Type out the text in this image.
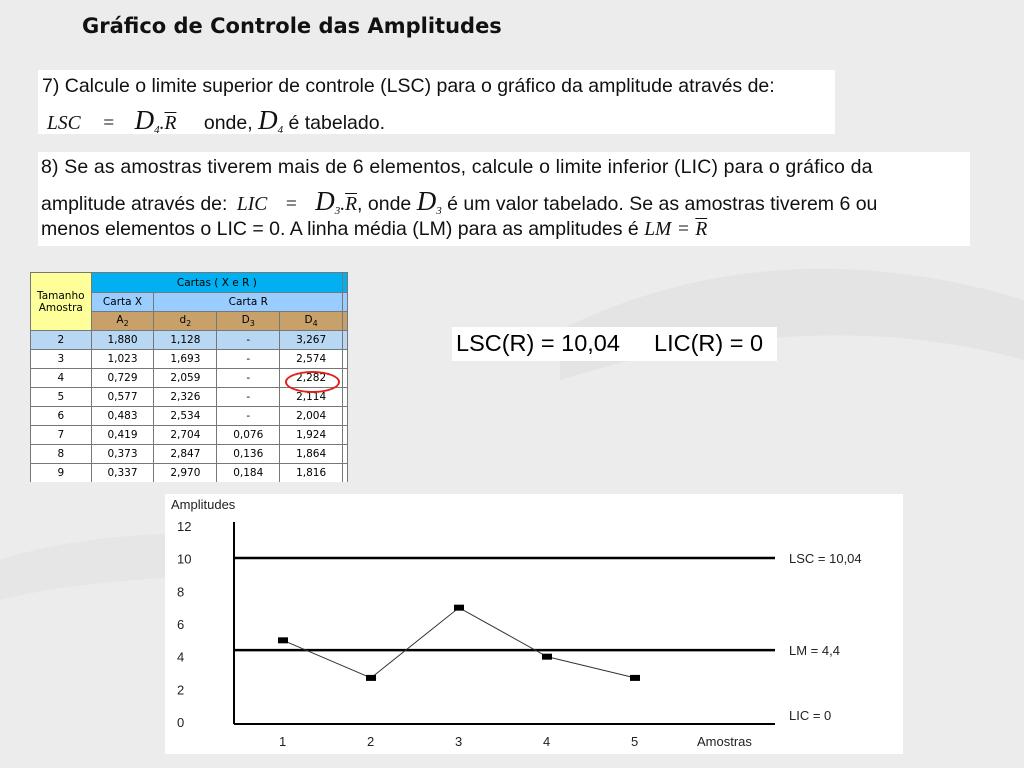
Gráfico de Controle das Amplitudes
7) Calcule o limite superior de controle (LSC) para o gráfico da amplitude através de:
LSC = $D_4.\overline{R}$ onde, $D_4$ é tabelado.
8) Se as amostras tiverem mais de 6 elementos, calcule o limite inferior (LIC) para o gráfico da
amplitude através de: LIC = $D_3.\overline{R}$, onde $D_3$ é um valor tabelado. Se as amostras tiverem 6 ou
menos elementos o LIC = 0. A linha média (LM) para as amplitudes é LM = $\overline{R}$
Tamanho Amostra	Cartas ( X e R )				
	Carta X	Carta R			
	$A_2$	$d_2$	$D_3$	$D_4$	
2	1,880	1,128	-	3,267	
3	1,023	1,693	-	2,574	
4	0,729	2,059	-	2,282	
5	0,577	2,326	-	2,114	
6	0,483	2,534	-	2,004	
7	0,419	2,704	0,076	1,924	
8	0,373	2,847	0,136	1,864	
9	0,337	2,970	0,184	1,816	
LSC(R) = 10,04 LIC(R) = 0
Amplitudes
0
2
4
6
8
10
12
1	2	3	4	5	Amostras
LSC = 10,04
LM = 4,4
LIC = 0
